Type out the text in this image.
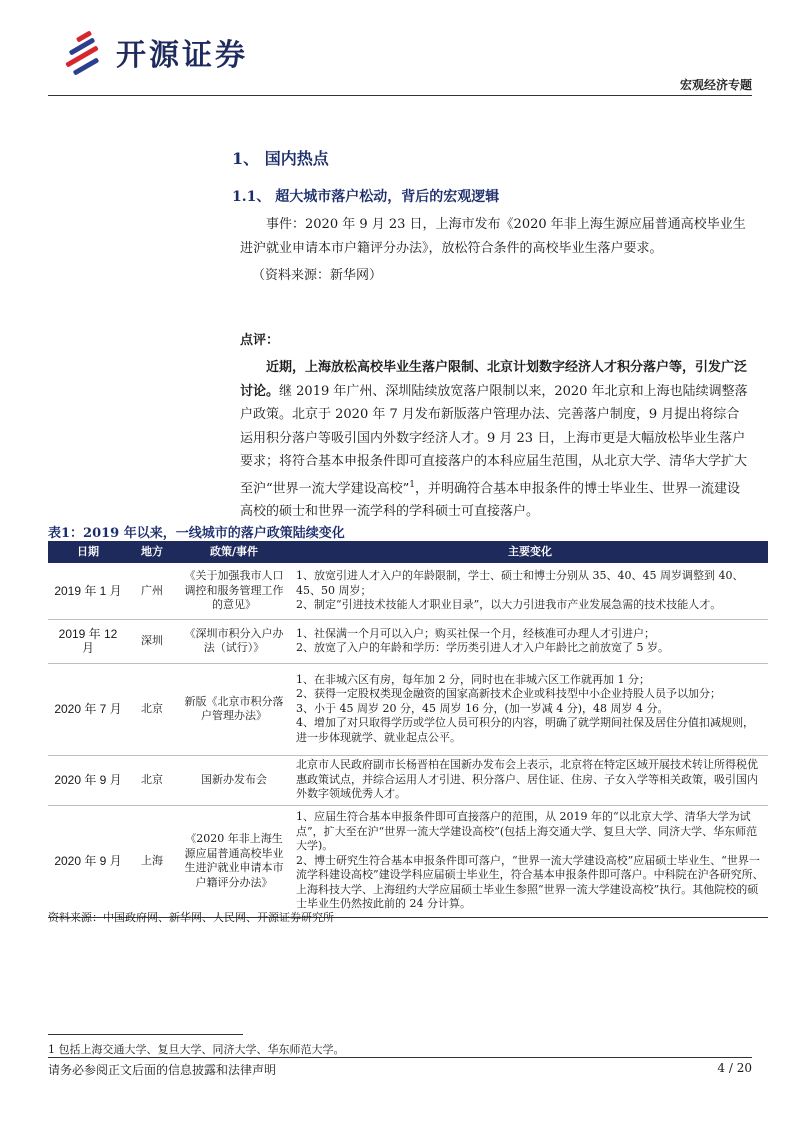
开源证券
宏观经济专题
1、 国内热点
1.1、 超大城市落户松动，背后的宏观逻辑
事件：2020 年 9 月 23 日，上海市发布《2020 年非上海生源应届普通高校毕业生进沪就业申请本市户籍评分办法》，放松符合条件的高校毕业生落户要求。
（资料来源：新华网）
点评：
近期，上海放松高校毕业生落户限制、北京计划数字经济人才积分落户等，引发广泛讨论。继 2019 年广州、深圳陆续放宽落户限制以来，2020 年北京和上海也陆续调整落户政策。北京于 2020 年 7 月发布新版落户管理办法、完善落户制度，9 月提出将综合运用积分落户等吸引国内外数字经济人才。9 月 23 日，上海市更是大幅放松毕业生落户要求；将符合基本申报条件即可直接落户的本科应届生范围，从北京大学、清华大学扩大至沪“世界一流大学建设高校”$^1$，并明确符合基本申报条件的博士毕业生、世界一流建设高校的硕士和世界一流学科的学科硕士可直接落户。
表1：2019 年以来，一线城市的落户政策陆续变化
日期	地方	政策/事件	主要变化
2019 年 1 月	广州	《关于加强我市人口调控和服务管理工作的意见》	1、放宽引进人才入户的年龄限制，学士、硕士和博士分别从 35、40、45 周岁调整到 40、45、50 周岁；
2、制定“引进技术技能人才职业目录”，以大力引进我市产业发展急需的技术技能人才。

2019 年 12 月	深圳	《深圳市积分入户办法（试行）》	1、社保满一个月可以入户；购买社保一个月，经核准可办理人才引进户；
2、放宽了入户的年龄和学历：学历类引进人才入户年龄比之前放宽了 5 岁。

2020 年 7 月	北京	新版《北京市积分落户管理办法》	1、在非城六区有房，每年加 2 分，同时也在非城六区工作就再加 1 分；
2、获得一定股权类现金融资的国家高新技术企业或科技型中小企业持股人员予以加分；
3、小于 45 周岁 20 分，45 周岁 16 分，(加一岁减 4 分)，48 周岁 4 分。
4、增加了对只取得学历或学位人员可积分的内容，明确了就学期间社保及居住分值扣减规则，进一步体现就学、就业起点公平。

2020 年 9 月	北京	国新办发布会	北京市人民政府副市长杨晋柏在国新办发布会上表示，北京将在特定区域开展技术转让所得税优惠政策试点，并综合运用人才引进、积分落户、居住证、住房、子女入学等相关政策，吸引国内外数字领域优秀人才。

2020 年 9 月	上海	《2020 年非上海生源应届普通高校毕业生进沪就业申请本市户籍评分办法》	1、应届生符合基本申报条件即可直接落户的范围，从 2019 年的“以北京大学、清华大学为试点”，扩大至在沪“世界一流大学建设高校”(包括上海交通大学、复旦大学、同济大学、华东师范大学)。
2、博士研究生符合基本申报条件即可落户，“世界一流大学建设高校”应届硕士毕业生、“世界一流学科建设高校”建设学科应届硕士毕业生，符合基本申报条件即可落户。中科院在沪各研究所、上海科技大学、上海纽约大学应届硕士毕业生参照“世界一流大学建设高校”执行。其他院校的硕士毕业生仍然按此前的 24 分计算。
资料来源：中国政府网、新华网、人民网、开源证券研究所
1 包括上海交通大学、复旦大学、同济大学、华东师范大学。
请务必参阅正文后面的信息披露和法律声明	4 / 20
